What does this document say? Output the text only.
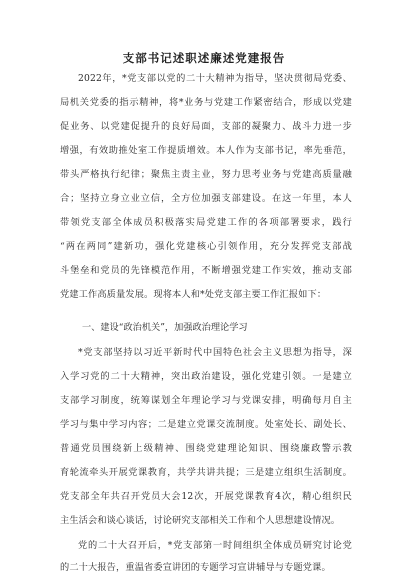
支部书记述职述廉述党建报告
2022年，*党支部以党的二十大精神为指导，坚决贯彻局党委、
局机关党委的指示精神，将*业务与党建工作紧密结合，形成以党建
促业务、以党建促提升的良好局面，支部的凝聚力、战斗力进一步
增强，有效助推处室工作提质增效。本人作为支部书记，率先垂范，
带头严格执行纪律；聚焦主责主业，努力思考业务与党建高质量融
合；坚持立身立业立信，全方位加强支部建设。在这一年里，本人
带领党支部全体成员积极落实局党建工作的各项部署要求，践行
“两在两同”建新功，强化党建核心引领作用，充分发挥党支部战
斗堡垒和党员的先锋模范作用，不断增强党建工作实效，推动支部
党建工作高质量发展。现将本人和*处党支部主要工作汇报如下：
一、建设“政治机关”，加强政治理论学习
*党支部坚持以习近平新时代中国特色社会主义思想为指导，深
入学习党的二十大精神，突出政治建设，强化党建引领。一是建立
支部学习制度，统筹谋划全年理论学习与党课安排，明确每月自主
学习与集中学习内容；二是建立党课交流制度。处室处长、副处长、
普通党员围绕新上级精神、围绕党建理论知识、围绕廉政警示教
育轮流牵头开展党课教育，共学共讲共提；三是建立组织生活制度。
党支部全年共召开党员大会12次，开展党课教育4次，精心组织民
主生活会和谈心谈话，讨论研究支部相关工作和个人思想建设情况。
党的二十大召开后，*党支部第一时间组织全体成员研究讨论党
的二十大报告，重温省委宣讲团的专题学习宣讲辅导与专题党课。
